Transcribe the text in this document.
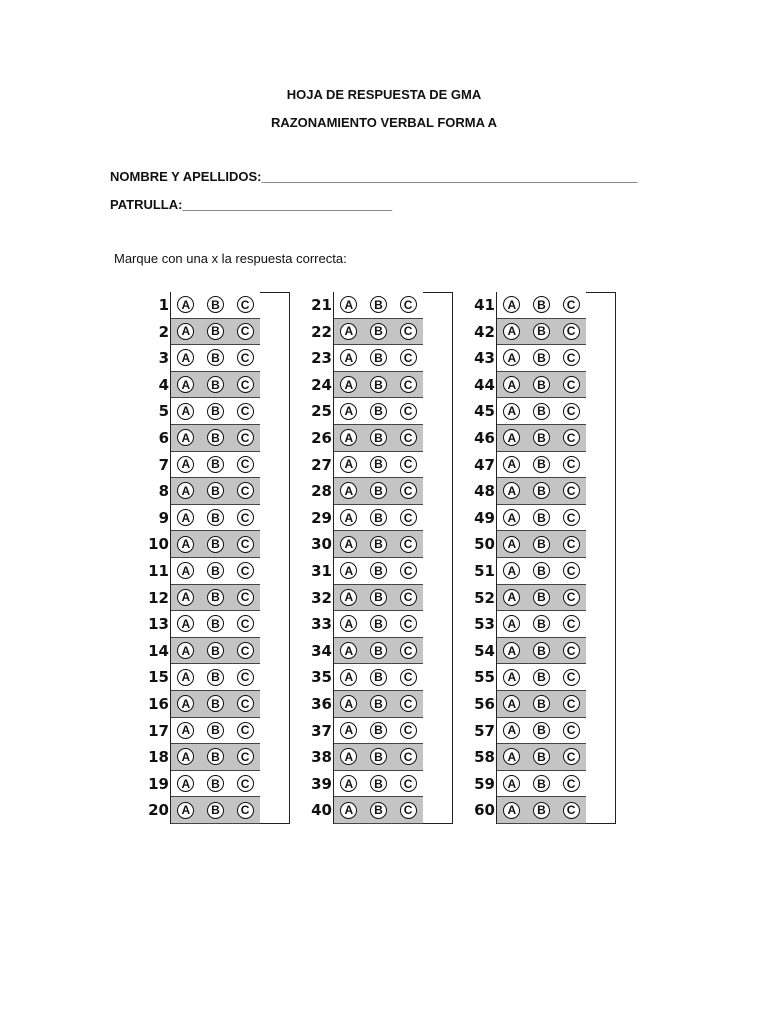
HOJA DE RESPUESTA DE GMA
RAZONAMIENTO VERBAL FORMA A
NOMBRE Y APELLIDOS:____________________________________________________
PATRULLA:_____________________________
Marque con una x la respuesta correcta:
1	A	B	C
2	A	B	C
3	A	B	C
4	A	B	C
5	A	B	C
6	A	B	C
7	A	B	C
8	A	B	C
9	A	B	C
10	A	B	C
11	A	B	C
12	A	B	C
13	A	B	C
14	A	B	C
15	A	B	C
16	A	B	C
17	A	B	C
18	A	B	C
19	A	B	C
20	A	B	C
21	A	B	C
22	A	B	C
23	A	B	C
24	A	B	C
25	A	B	C
26	A	B	C
27	A	B	C
28	A	B	C
29	A	B	C
30	A	B	C
31	A	B	C
32	A	B	C
33	A	B	C
34	A	B	C
35	A	B	C
36	A	B	C
37	A	B	C
38	A	B	C
39	A	B	C
40	A	B	C
41	A	B	C
42	A	B	C
43	A	B	C
44	A	B	C
45	A	B	C
46	A	B	C
47	A	B	C
48	A	B	C
49	A	B	C
50	A	B	C
51	A	B	C
52	A	B	C
53	A	B	C
54	A	B	C
55	A	B	C
56	A	B	C
57	A	B	C
58	A	B	C
59	A	B	C
60	A	B	C
